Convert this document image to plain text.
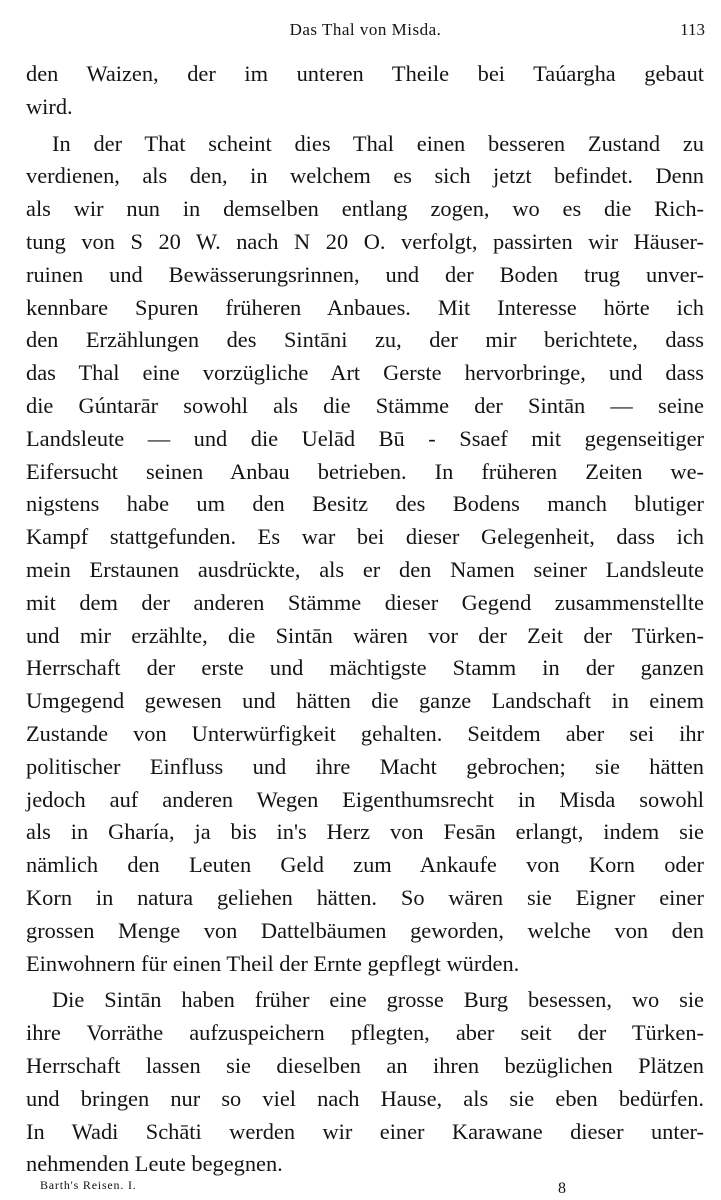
Das Thal von Misda.	113
den Waizen, der im unteren Theile bei Taúargha gebaut
wird.
In der That scheint dies Thal einen besseren Zustand zu
verdienen, als den, in welchem es sich jetzt befindet. Denn
als wir nun in demselben entlang zogen, wo es die Rich-
tung von S 20 W. nach N 20 O. verfolgt, passirten wir Häuser-
ruinen und Bewässerungsrinnen, und der Boden trug unver-
kennbare Spuren früheren Anbaues. Mit Interesse hörte ich
den Erzählungen des Sintāni zu, der mir berichtete, dass
das Thal eine vorzügliche Art Gerste hervorbringe, und dass
die Gúntarār sowohl als die Stämme der Sintān — seine
Landsleute — und die Uelād Bū - Ssaef mit gegenseitiger
Eifersucht seinen Anbau betrieben. In früheren Zeiten we-
nigstens habe um den Besitz des Bodens manch blutiger
Kampf stattgefunden. Es war bei dieser Gelegenheit, dass ich
mein Erstaunen ausdrückte, als er den Namen seiner Landsleute
mit dem der anderen Stämme dieser Gegend zusammenstellte
und mir erzählte, die Sintān wären vor der Zeit der Türken-
Herrschaft der erste und mächtigste Stamm in der ganzen
Umgegend gewesen und hätten die ganze Landschaft in einem
Zustande von Unterwürfigkeit gehalten. Seitdem aber sei ihr
politischer Einfluss und ihre Macht gebrochen; sie hätten
jedoch auf anderen Wegen Eigenthumsrecht in Misda sowohl
als in Gharía, ja bis in's Herz von Fesān erlangt, indem sie
nämlich den Leuten Geld zum Ankaufe von Korn oder
Korn in natura geliehen hätten. So wären sie Eigner einer
grossen Menge von Dattelbäumen geworden, welche von den
Einwohnern für einen Theil der Ernte gepflegt würden.
Die Sintān haben früher eine grosse Burg besessen, wo sie
ihre Vorräthe aufzuspeichern pflegten, aber seit der Türken-
Herrschaft lassen sie dieselben an ihren bezüglichen Plätzen
und bringen nur so viel nach Hause, als sie eben bedürfen.
In Wadi Schāti werden wir einer Karawane dieser unter-
nehmenden Leute begegnen.
Barth's Reisen. I.	8
